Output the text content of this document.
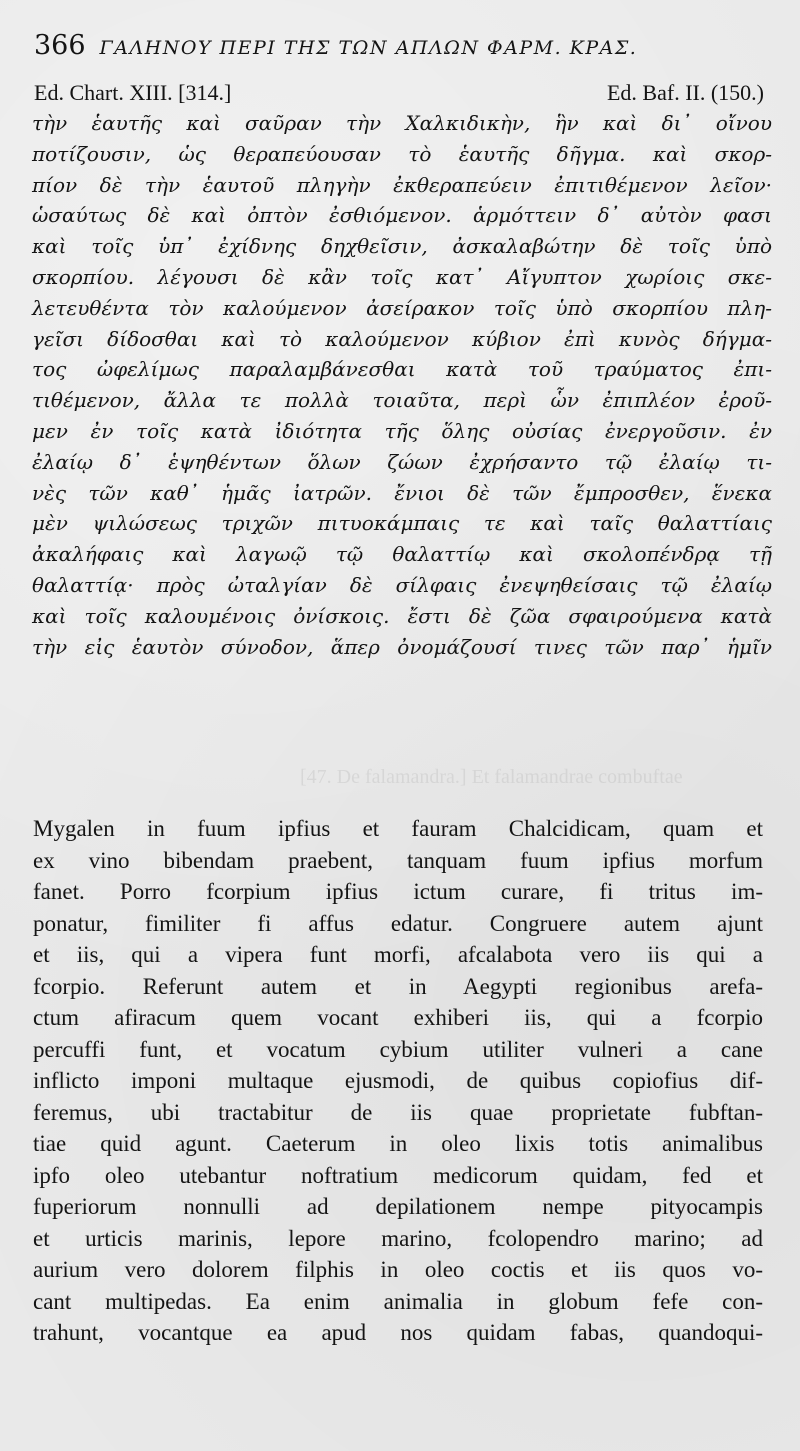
366 ΓΑΛΗΝΟΥ ΠΕΡΙ ΤΗΣ ΤΩΝ ΑΠΛΩΝ ΦΑΡΜ. ΚΡΑΣ.
Ed. Chart. XIII. [314.]	Ed. Baf. II. (150.)
τὴν ἑαυτῆς καὶ σαῦραν τὴν Χαλκιδικὴν, ἣν καὶ δι᾽ οἴνου
ποτίζουσιν, ὡς θεραπεύουσαν τὸ ἑαυτῆς δῆγμα. καὶ σκορ-
πίον δὲ τὴν ἑαυτοῦ πληγὴν ἐκθεραπεύειν ἐπιτιθέμενον λεῖον·
ὡσαύτως δὲ καὶ ὀπτὸν ἐσθιόμενον. ἁρμόττειν δ᾽ αὐτὸν φασι
καὶ τοῖς ὑπ᾽ ἐχίδνης δηχθεῖσιν, ἀσκαλαβώτην δὲ τοῖς ὑπὸ
σκορπίου. λέγουσι δὲ κἂν τοῖς κατ᾽ Αἴγυπτον χωρίοις σκε-
λετευθέντα τὸν καλούμενον ἀσείρακον τοῖς ὑπὸ σκορπίου πλη-
γεῖσι δίδοσθαι καὶ τὸ καλούμενον κύβιον ἐπὶ κυνὸς δήγμα-
τος ὠφελίμως παραλαμβάνεσθαι κατὰ τοῦ τραύματος ἐπι-
τιθέμενον, ἄλλα τε πολλὰ τοιαῦτα, περὶ ὧν ἐπιπλέον ἐροῦ-
μεν ἐν τοῖς κατὰ ἰδιότητα τῆς ὅλης οὐσίας ἐνεργοῦσιν. ἐν
ἐλαίῳ δ᾽ ἑψηθέντων ὅλων ζώων ἐχρήσαντο τῷ ἐλαίῳ τι-
νὲς τῶν καθ᾽ ἡμᾶς ἰατρῶν. ἔνιοι δὲ τῶν ἔμπροσθεν, ἕνεκα
μὲν ψιλώσεως τριχῶν πιτυοκάμπαις τε καὶ ταῖς θαλαττίαις
ἀκαλήφαις καὶ λαγωῷ τῷ θαλαττίῳ καὶ σκολοπένδρᾳ τῇ
θαλαττίᾳ· πρὸς ὠταλγίαν δὲ σίλφαις ἐνεψηθείσαις τῷ ἐλαίῳ
καὶ τοῖς καλουμένοις ὀνίσκοις. ἔστι δὲ ζῶα σφαιρούμενα κατὰ
τὴν εἰς ἑαυτὸν σύνοδον, ἅπερ ὀνομάζουσί τινες τῶν παρ᾽ ἡμῖν
[47. De falamandra.] Et falamandrae combuftae
Mygalen in fuum ipfius et fauram Chalcidicam, quam et
ex vino bibendam praebent, tanquam fuum ipfius morfum
fanet. Porro fcorpium ipfius ictum curare, fi tritus im-
ponatur, fimiliter fi affus edatur. Congruere autem ajunt
et iis, qui a vipera funt morfi, afcalabota vero iis qui a
fcorpio. Referunt autem et in Aegypti regionibus arefa-
ctum afiracum quem vocant exhiberi iis, qui a fcorpio
percuffi funt, et vocatum cybium utiliter vulneri a cane
inflicto imponi multaque ejusmodi, de quibus copiofius dif-
feremus, ubi tractabitur de iis quae proprietate fubftan-
tiae quid agunt. Caeterum in oleo lixis totis animalibus
ipfo oleo utebantur noftratium medicorum quidam, fed et
fuperiorum nonnulli ad depilationem nempe pityocampis
et urticis marinis, lepore marino, fcolopendro marino; ad
aurium vero dolorem filphis in oleo coctis et iis quos vo-
cant multipedas. Ea enim animalia in globum fefe con-
trahunt, vocantque ea apud nos quidam fabas, quandoqui-
